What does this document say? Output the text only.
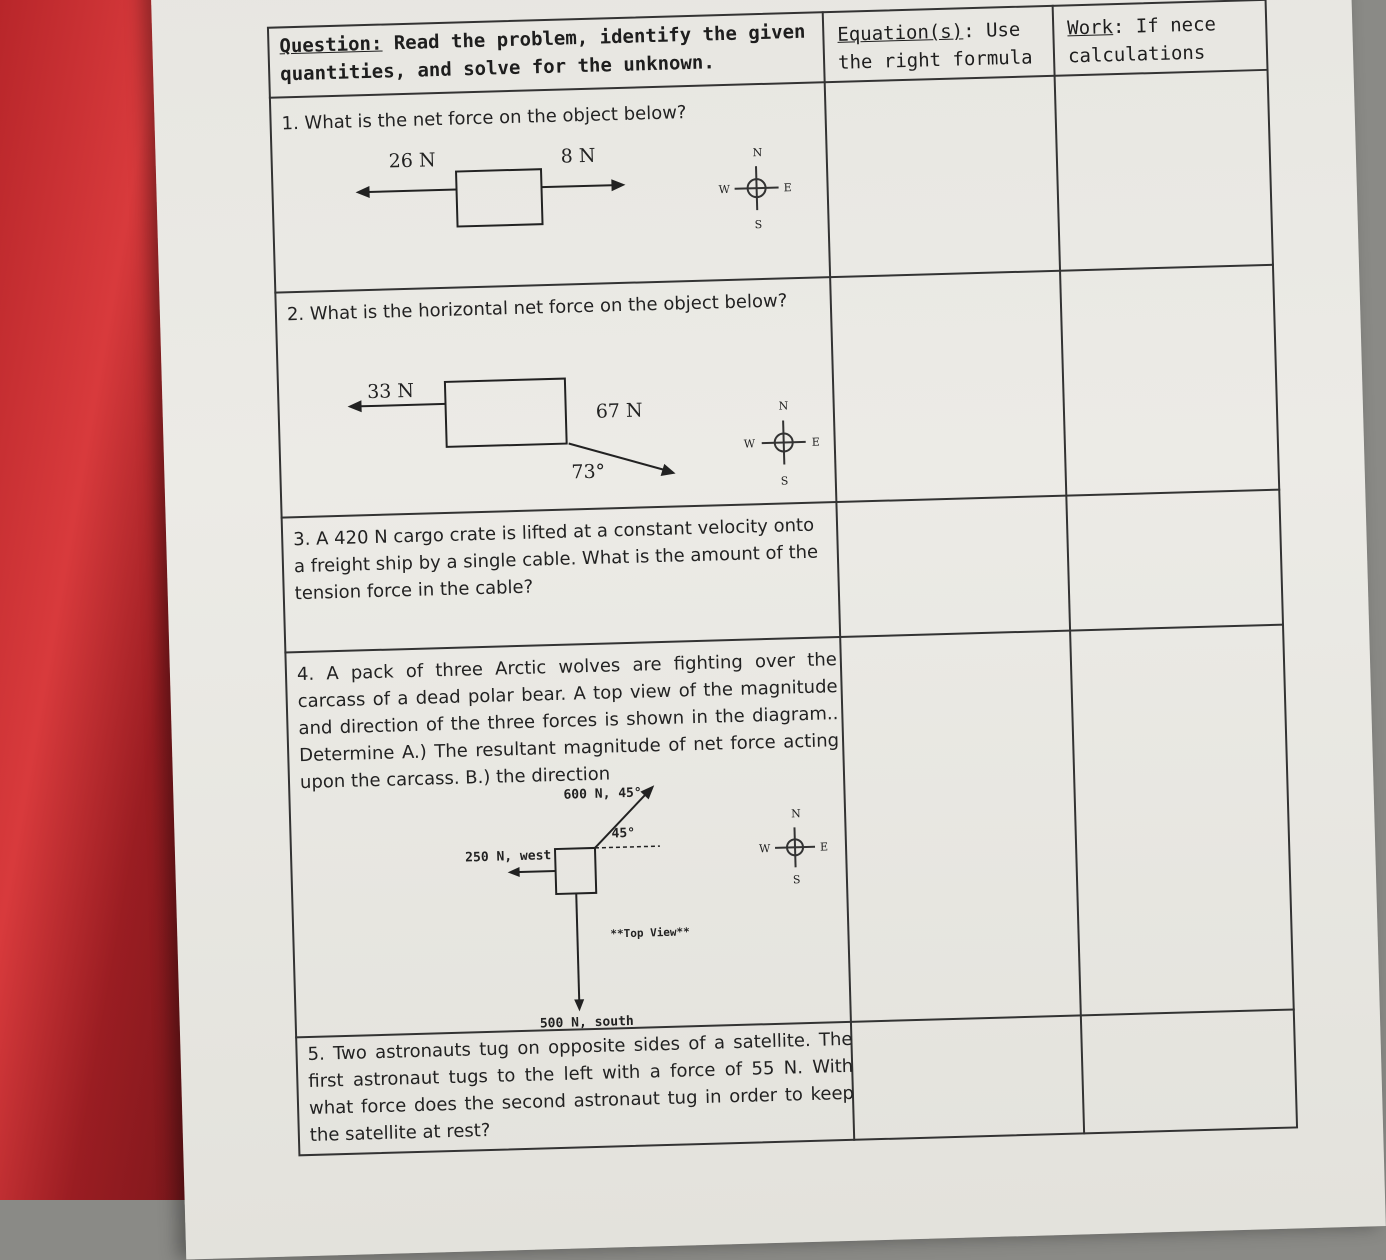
Question: Read the problem, identify the given quantities, and solve for the unknown.
Equation(s): Use the right formula
Work: If nece calculations
1. What is the net force on the object below?
26 N	8 N	N
S
E
W
2. What is the horizontal net force on the object below?
33 N
67 N
73°
N
S
E
W
3. A 420 N cargo crate is lifted at a constant velocity onto a freight ship by a single cable. What is the amount of the tension force in the cable?
4. A pack of three Arctic wolves are fighting over the carcass of a dead polar bear. A top view of the magnitude and direction of the three forces is shown in the diagram.. Determine A.) The resultant magnitude of net force acting upon the carcass. B.) the direction
600 N, 45°
45°
250 N, west
500 N, south
**Top View**
N
S
E
W
5. Two astronauts tug on opposite sides of a satellite. The first astronaut tugs to the left with a force of 55 N. With what force does the second astronaut tug in order to keep the satellite at rest?
